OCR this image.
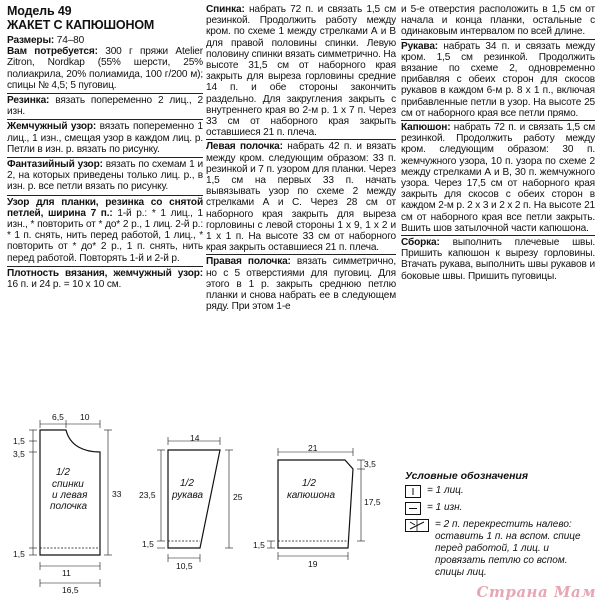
Модель 49

ЖАКЕТ С КАПЮШОНОМ

Размеры: 74–80

Вам потребуется: 300 г пряжи Atelier Zitron, Nordkap (55% шерсти, 25% полиакрила, 20% полиамида, 100 г/200 м); спицы № 4,5; 5 пуговиц.

Резинка: вязать попеременно 2 лиц., 2 изн.

Жемчужный узор: вязать попеременно 1 лиц., 1 изн., смещая узор в каждом лиц. р. Петли в изн. р. вязать по рисунку.

Фантазийный узор: вязать по схемам 1 и 2, на которых приведены только лиц. р., в изн. р. все петли вязать по рисунку.

Узор для планки, резинка со снятой петлей, ширина 7 п.: 1-й р.: * 1 лиц., 1 изн., * повторить от * до* 2 р., 1 лиц. 2-й р.: * 1 п. снять, нить перед работой, 1 лиц., * повторить от * до* 2 р., 1 п. снять, нить перед работой. Повторять 1-й и 2-й р.

Плотность вязания, жемчужный узор: 16 п. и 24 р. = 10 х 10 см.

Спинка: набрать 72 п. и связать 1,5 см резинкой. Продолжить работу между кром. по схеме 1 между стрелками А и В для правой половины спинки. Левую половину спинки вязать симметрично. На высоте 31,5 см от наборного края закрыть для выреза горловины средние 14 п. и обе стороны закончить раздельно. Для закругления закрыть с внутреннего края во 2-м р. 1 х 7 п. Через 33 см от наборного края закрыть оставшиеся 21 п. плеча.

Левая полочка: набрать 42 п. и вязать между кром. следующим образом: 33 п. резинкой и 7 п. узором для планки. Через 1,5 см на первых 33 п. начать вывязывать узор по схеме 2 между стрелками А и С. Через 28 см от наборного края закрыть для выреза горловины с левой стороны 1 х 9, 1 х 2 и 1 х 1 п. На высоте 33 см от наборного края закрыть оставшиеся 21 п. плеча.

Правая полочка: вязать симметрично, но с 5 отверстиями для пуговиц. Для этого в 1 р. закрыть среднюю петлю планки и снова набрать ее в следующем ряду. При этом 1-е

и 5-е отверстия расположить в 1,5 см от начала и конца планки, остальные с одинаковым интервалом по всей длине.

Рукава: набрать 34 п. и связать между кром. 1,5 см резинкой. Продолжить вязание по схеме 2, одновременно прибавляя с обеих сторон для скосов рукавов в каждом 6-м р. 8 х 1 п., включая прибавленные петли в узор. На высоте 25 см от наборного края все петли прямо.

Капюшон: набрать 72 п. и связать 1,5 см резинкой. Продолжить работу между кром. следующим образом: 30 п. жемчужного узора, 10 п. узора по схеме 2 между стрелками А и В, 30 п. жемчужного узора. Через 17,5 см от наборного края закрыть для скосов с обеих сторон в каждом 2-м р. 2 х 3 и 2 х 2 п. На высоте 21 см от наборного края все петли закрыть. Вшить шов затылочной части капюшона.

Сборка: выполнить плечевые швы. Пришить капюшон к вырезу горловины. Втачать рукава, выполнить швы рукавов и боковые швы. Пришить пуговицы.

6,5 10
1,5
3,5
33
1,5
11
16,5
1/2
спинки
и левая
полочка
14
23,5	25
1,5
10,5
1/2
рукава
21
3,5
17,5
1,5
19
1/2
капюшона

Условные обозначения

= 1 лиц.
= 1 изн.
= 2 п. перекрестить налево: оставить 1 п. на вспом. спице перед работой, 1 лиц. и провязать петлю со вспом. спицы лиц.
Страна Мам
